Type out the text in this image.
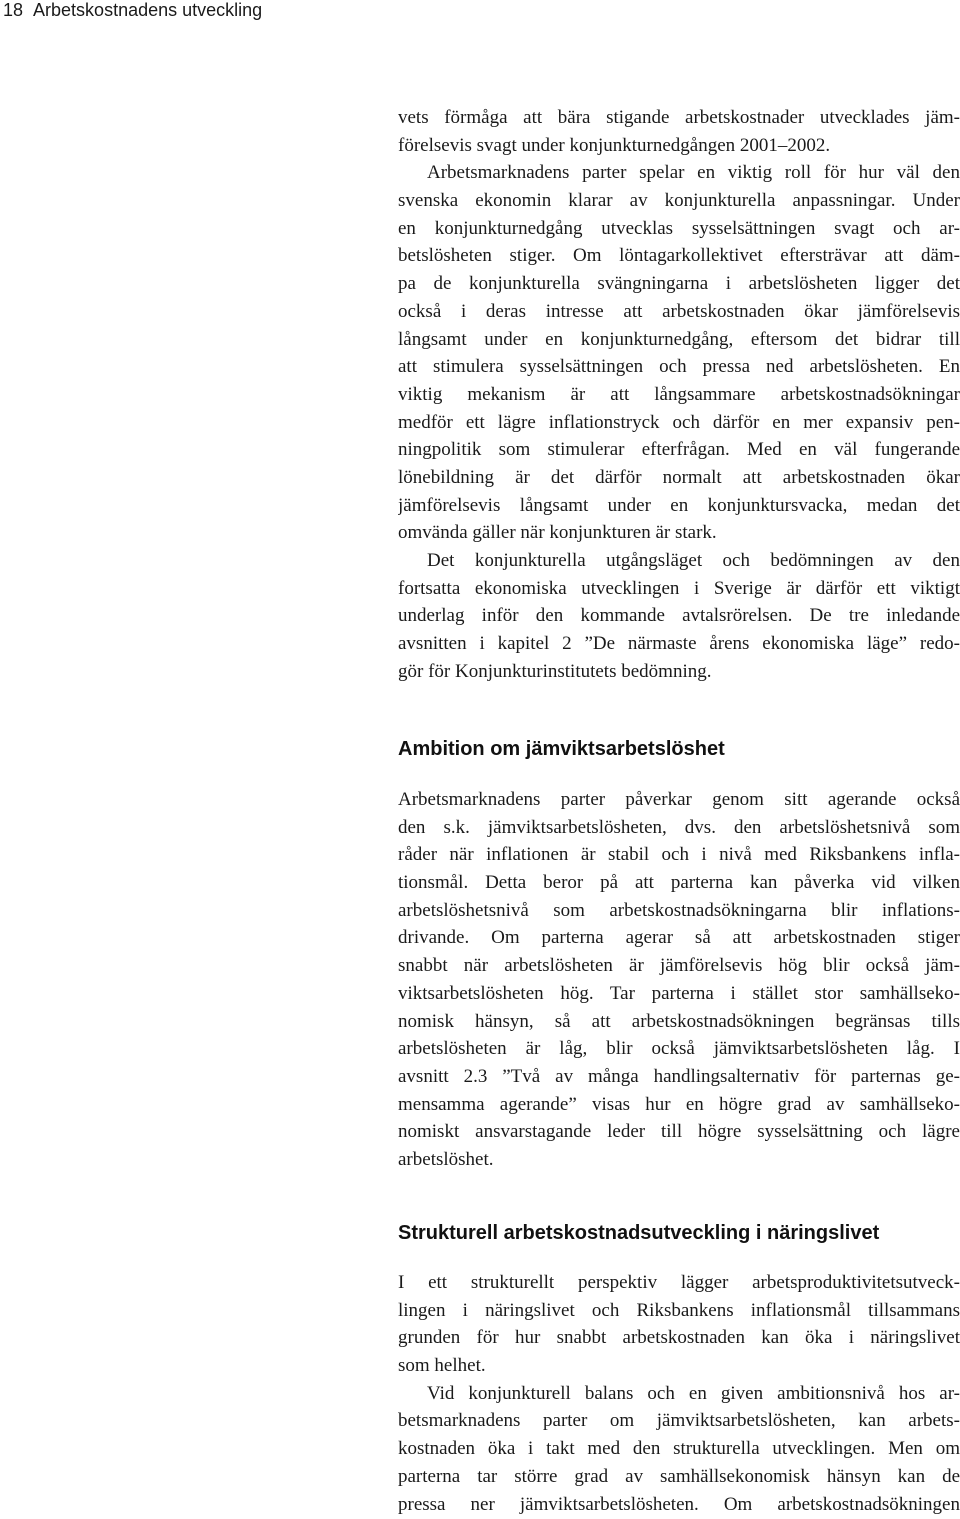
18 Arbetskostnadens utveckling

vets förmåga att bära stigande arbetskostnader utvecklades jäm-

förelsevis svagt under konjunkturnedgången 2001–2002.

Arbetsmarknadens parter spelar en viktig roll för hur väl den

svenska ekonomin klarar av konjunkturella anpassningar. Under

en konjunkturnedgång utvecklas sysselsättningen svagt och ar-

betslösheten stiger. Om löntagarkollektivet eftersträvar att däm-

pa de konjunkturella svängningarna i arbetslösheten ligger det

också i deras intresse att arbetskostnaden ökar jämförelsevis

långsamt under en konjunkturnedgång, eftersom det bidrar till

att stimulera sysselsättningen och pressa ned arbetslösheten. En

viktig mekanism är att långsammare arbetskostnadsökningar

medför ett lägre inflationstryck och därför en mer expansiv pen-

ningpolitik som stimulerar efterfrågan. Med en väl fungerande

lönebildning är det därför normalt att arbetskostnaden ökar

jämförelsevis långsamt under en konjunktursvacka, medan det

omvända gäller när konjunkturen är stark.

Det konjunkturella utgångsläget och bedömningen av den

fortsatta ekonomiska utvecklingen i Sverige är därför ett viktigt

underlag inför den kommande avtalsrörelsen. De tre inledande

avsnitten i kapitel 2 ”De närmaste årens ekonomiska läge” redo-

gör för Konjunkturinstitutets bedömning.

Ambition om jämviktsarbetslöshet

Arbetsmarknadens parter påverkar genom sitt agerande också

den s.k. jämviktsarbetslösheten, dvs. den arbetslöshetsnivå som

råder när inflationen är stabil och i nivå med Riksbankens infla-

tionsmål. Detta beror på att parterna kan påverka vid vilken

arbetslöshetsnivå som arbetskostnadsökningarna blir inflations-

drivande. Om parterna agerar så att arbetskostnaden stiger

snabbt när arbetslösheten är jämförelsevis hög blir också jäm-

viktsarbetslösheten hög. Tar parterna i stället stor samhällseko-

nomisk hänsyn, så att arbetskostnadsökningen begränsas tills

arbetslösheten är låg, blir också jämviktsarbetslösheten låg. I

avsnitt 2.3 ”Två av många handlingsalternativ för parternas ge-

mensamma agerande” visas hur en högre grad av samhällseko-

nomiskt ansvarstagande leder till högre sysselsättning och lägre

arbetslöshet.

Strukturell arbetskostnadsutveckling i näringslivet

I ett strukturellt perspektiv lägger arbetsproduktivitetsutveck-

lingen i näringslivet och Riksbankens inflationsmål tillsammans

grunden för hur snabbt arbetskostnaden kan öka i näringslivet

som helhet.

Vid konjunkturell balans och en given ambitionsnivå hos ar-

betsmarknadens parter om jämviktsarbetslösheten, kan arbets-

kostnaden öka i takt med den strukturella utvecklingen. Men om

parterna tar större grad av samhällsekonomisk hänsyn kan de

pressa ner jämviktsarbetslösheten. Om arbetskostnadsökningen
